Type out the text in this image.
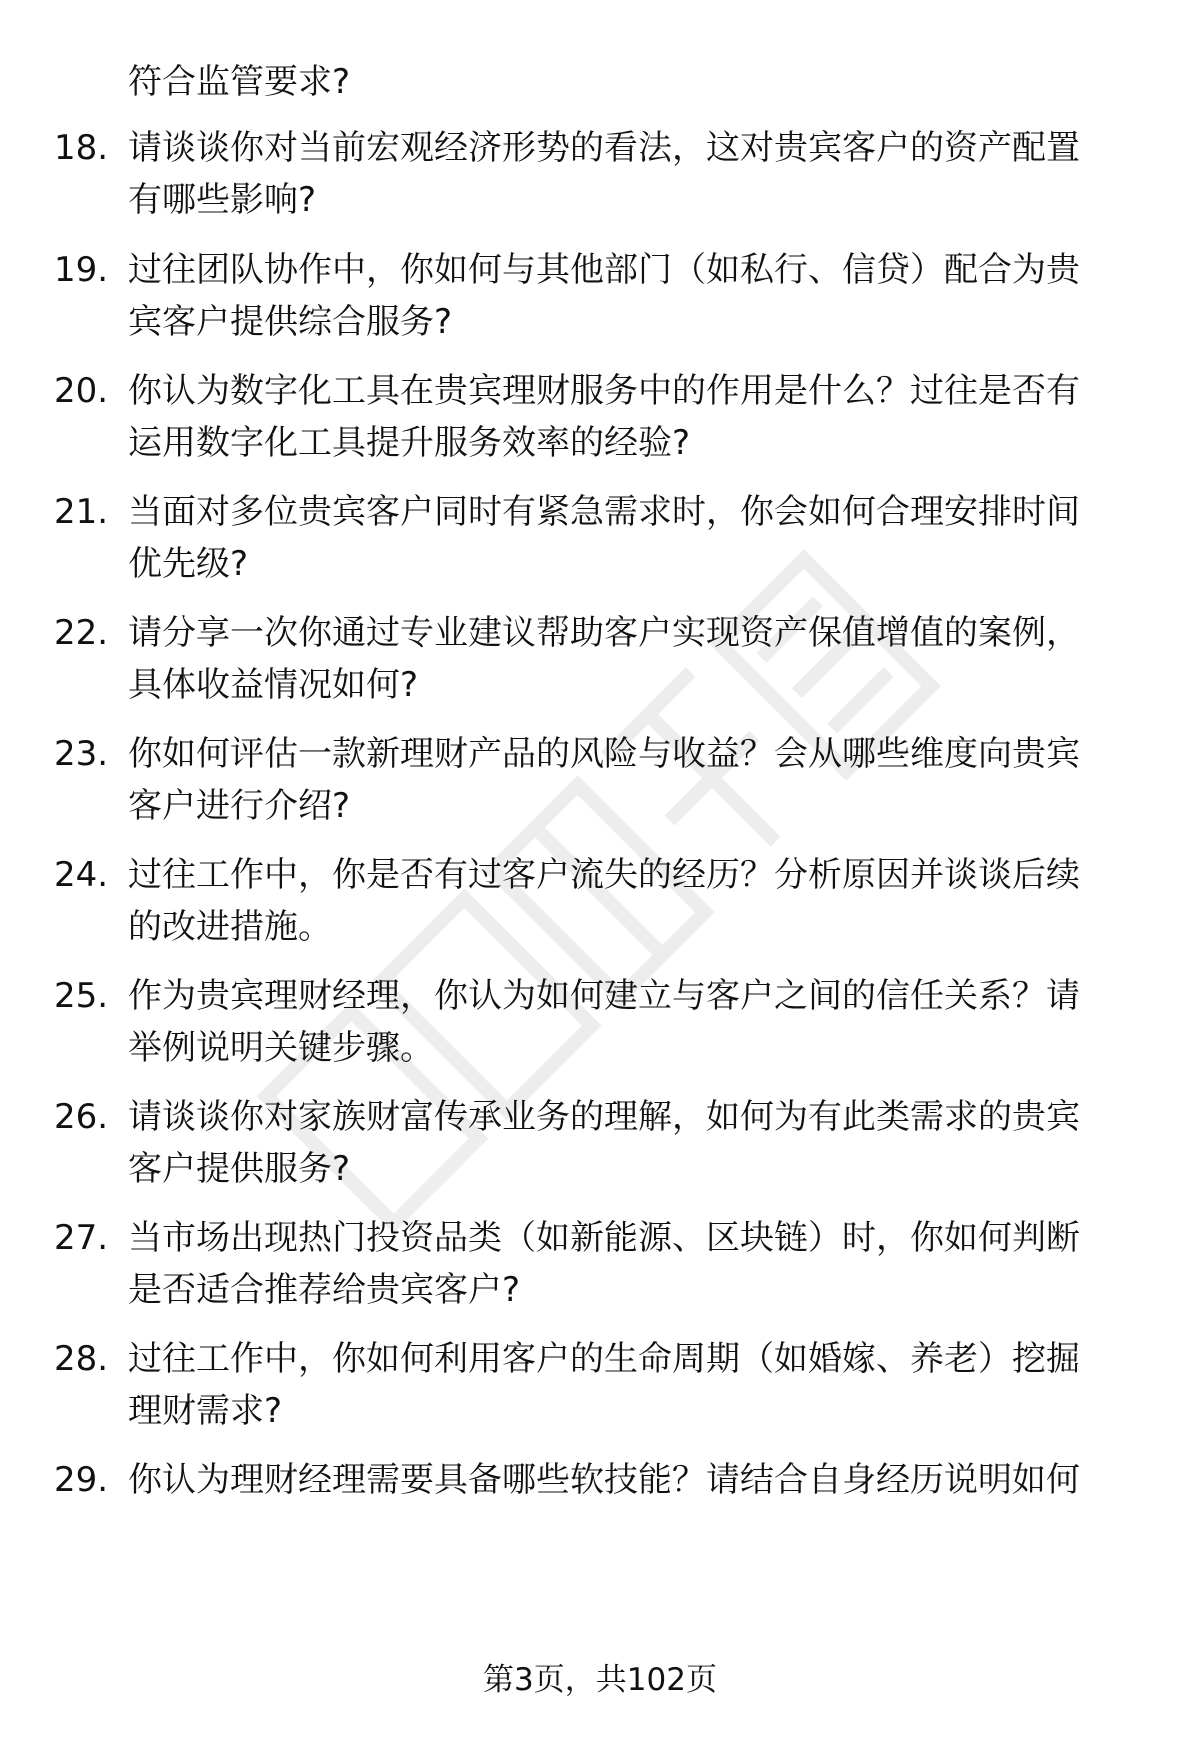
符合监管要求?
18. 请谈谈你对当前宏观经济形势的看法，这对贵宾客户的资产配置
有哪些影响?
19. 过往团队协作中，你如何与其他部门（如私行、信贷）配合为贵
宾客户提供综合服务?
20. 你认为数字化工具在贵宾理财服务中的作用是什么？过往是否有
运用数字化工具提升服务效率的经验?
21. 当面对多位贵宾客户同时有紧急需求时，你会如何合理安排时间
优先级?
22. 请分享一次你通过专业建议帮助客户实现资产保值增值的案例，
具体收益情况如何?
23. 你如何评估一款新理财产品的风险与收益？会从哪些维度向贵宾
客户进行介绍?
24. 过往工作中，你是否有过客户流失的经历？分析原因并谈谈后续
的改进措施。
25. 作为贵宾理财经理，你认为如何建立与客户之间的信任关系？请
举例说明关键步骤。
26. 请谈谈你对家族财富传承业务的理解，如何为有此类需求的贵宾
客户提供服务?
27. 当市场出现热门投资品类（如新能源、区块链）时，你如何判断
是否适合推荐给贵宾客户?
28. 过往工作中，你如何利用客户的生命周期（如婚嫁、养老）挖掘
理财需求?
29. 你认为理财经理需要具备哪些软技能？请结合自身经历说明如何
第3页，共102页
